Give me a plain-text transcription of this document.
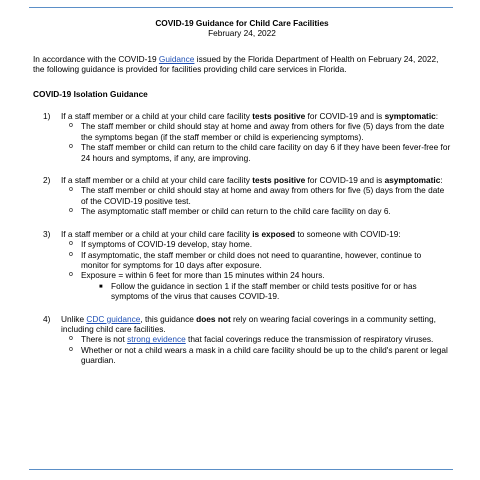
COVID-19 Guidance for Child Care Facilities
February 24, 2022
In accordance with the COVID-19 Guidance issued by the Florida Department of Health on February 24, 2022, the following guidance is provided for facilities providing child care services in Florida.
COVID-19 Isolation Guidance
1)	If a staff member or a child at your child care facility tests positive for COVID-19 and is symptomatic:
o The staff member or child should stay at home and away from others for five (5) days from the date the symptoms began (if the staff member or child is experiencing symptoms).
o The staff member or child can return to the child care facility on day 6 if they have been fever-free for 24 hours and symptoms, if any, are improving.
2)	If a staff member or a child at your child care facility tests positive for COVID-19 and is asymptomatic:
o The staff member or child should stay at home and away from others for five (5) days from the date of the COVID-19 positive test.
o The asymptomatic staff member or child can return to the child care facility on day 6.
3)	If a staff member or a child at your child care facility is exposed to someone with COVID-19:
o If symptoms of COVID-19 develop, stay home.
o If asymptomatic, the staff member or child does not need to quarantine, however, continue to monitor for symptoms for 10 days after exposure.
o Exposure = within 6 feet for more than 15 minutes within 24 hours.
■ Follow the guidance in section 1 if the staff member or child tests positive for or has symptoms of the virus that causes COVID-19.
4)	Unlike CDC guidance, this guidance does not rely on wearing facial coverings in a community setting, including child care facilities.
o There is not strong evidence that facial coverings reduce the transmission of respiratory viruses.
o Whether or not a child wears a mask in a child care facility should be up to the child's parent or legal guardian.
